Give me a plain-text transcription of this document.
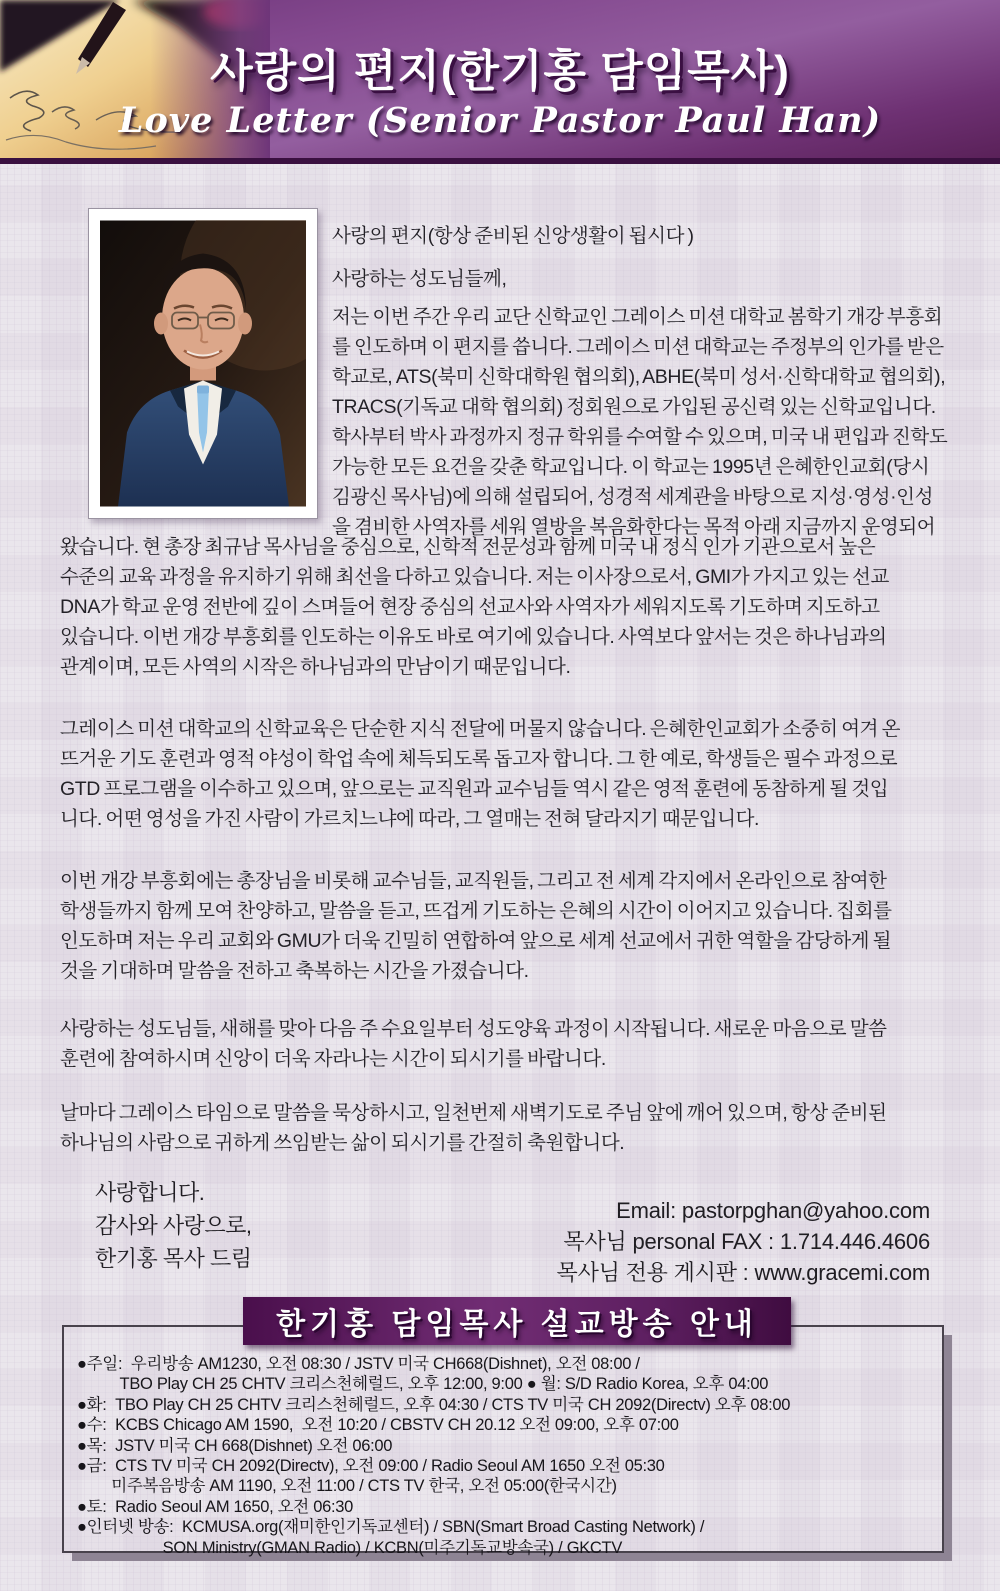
사랑의 편지(한기홍 담임목사)
Love Letter (Senior Pastor Paul Han)

사랑의 편지(항상 준비된 신앙생활이 됩시다 )

사랑하는 성도님들께,

저는 이번 주간 우리 교단 신학교인 그레이스 미션 대학교 봄학기 개강 부흥회
를 인도하며 이 편지를 씁니다. 그레이스 미션 대학교는 주정부의 인가를 받은
학교로, ATS(북미 신학대학원 협의회), ABHE(북미 성서·신학대학교 협의회),
TRACS(기독교 대학 협의회) 정회원으로 가입된 공신력 있는 신학교입니다.
학사부터 박사 과정까지 정규 학위를 수여할 수 있으며, 미국 내 편입과 진학도
가능한 모든 요건을 갖춘 학교입니다. 이 학교는 1995년 은혜한인교회(당시
김광신 목사님)에 의해 설립되어, 성경적 세계관을 바탕으로 지성·영성·인성
을 겸비한 사역자를 세워 열방을 복음화한다는 목적 아래 지금까지 운영되어

왔습니다. 현 총장 최규남 목사님을 중심으로, 신학적 전문성과 함께 미국 내 정식 인가 기관으로서 높은
수준의 교육 과정을 유지하기 위해 최선을 다하고 있습니다. 저는 이사장으로서, GMI가 가지고 있는 선교
DNA가 학교 운영 전반에 깊이 스며들어 현장 중심의 선교사와 사역자가 세워지도록 기도하며 지도하고
있습니다. 이번 개강 부흥회를 인도하는 이유도 바로 여기에 있습니다. 사역보다 앞서는 것은 하나님과의
관계이며, 모든 사역의 시작은 하나님과의 만남이기 때문입니다.

그레이스 미션 대학교의 신학교육은 단순한 지식 전달에 머물지 않습니다. 은혜한인교회가 소중히 여겨 온
뜨거운 기도 훈련과 영적 야성이 학업 속에 체득되도록 돕고자 합니다. 그 한 예로, 학생들은 필수 과정으로
GTD 프로그램을 이수하고 있으며, 앞으로는 교직원과 교수님들 역시 같은 영적 훈련에 동참하게 될 것입
니다. 어떤 영성을 가진 사람이 가르치느냐에 따라, 그 열매는 전혀 달라지기 때문입니다.

이번 개강 부흥회에는 총장님을 비롯해 교수님들, 교직원들, 그리고 전 세계 각지에서 온라인으로 참여한
학생들까지 함께 모여 찬양하고, 말씀을 듣고, 뜨겁게 기도하는 은혜의 시간이 이어지고 있습니다. 집회를
인도하며 저는 우리 교회와 GMU가 더욱 긴밀히 연합하여 앞으로 세계 선교에서 귀한 역할을 감당하게 될
것을 기대하며 말씀을 전하고 축복하는 시간을 가졌습니다.

사랑하는 성도님들, 새해를 맞아 다음 주 수요일부터 성도양육 과정이 시작됩니다. 새로운 마음으로 말씀
훈련에 참여하시며 신앙이 더욱 자라나는 시간이 되시기를 바랍니다.

날마다 그레이스 타임으로 말씀을 묵상하시고, 일천번제 새벽기도로 주님 앞에 깨어 있으며, 항상 준비된
하나님의 사람으로 귀하게 쓰임받는 삶이 되시기를 간절히 축원합니다.

사랑합니다.
감사와 사랑으로,
한기홍 목사 드림
Email: pastorpghan@yahoo.com
목사님 personal FAX : 1.714.446.4606
목사님 전용 게시판 : www.gracemi.com
한기홍 담임목사 설교방송 안내

●주일:  우리방송 AM1230, 오전 08:30 / JSTV 미국 CH668(Dishnet), 오전 08:00 /

TBO Play CH 25 CHTV 크리스천헤럴드, 오후 12:00, 9:00 ● 월: S/D Radio Korea, 오후 04:00

●화:  TBO Play CH 25 CHTV 크리스천헤럴드, 오후 04:30 / CTS TV 미국 CH 2092(Directv) 오후 08:00

●수:  KCBS Chicago AM 1590,  오전 10:20 / CBSTV CH 20.12 오전 09:00, 오후 07:00

●목:  JSTV 미국 CH 668(Dishnet) 오전 06:00

●금:  CTS TV 미국 CH 2092(Directv), 오전 09:00 / Radio Seoul AM 1650 오전 05:30

미주복음방송 AM 1190, 오전 11:00 / CTS TV 한국, 오전 05:00(한국시간)

●토:  Radio Seoul AM 1650, 오전 06:30

●인터넷 방송:  KCMUSA.org(재미한인기독교센터) / SBN(Smart Broad Casting Network) /

SON Ministry(GMAN Radio) / KCBN(미주기독교방속국) / GKCTV
